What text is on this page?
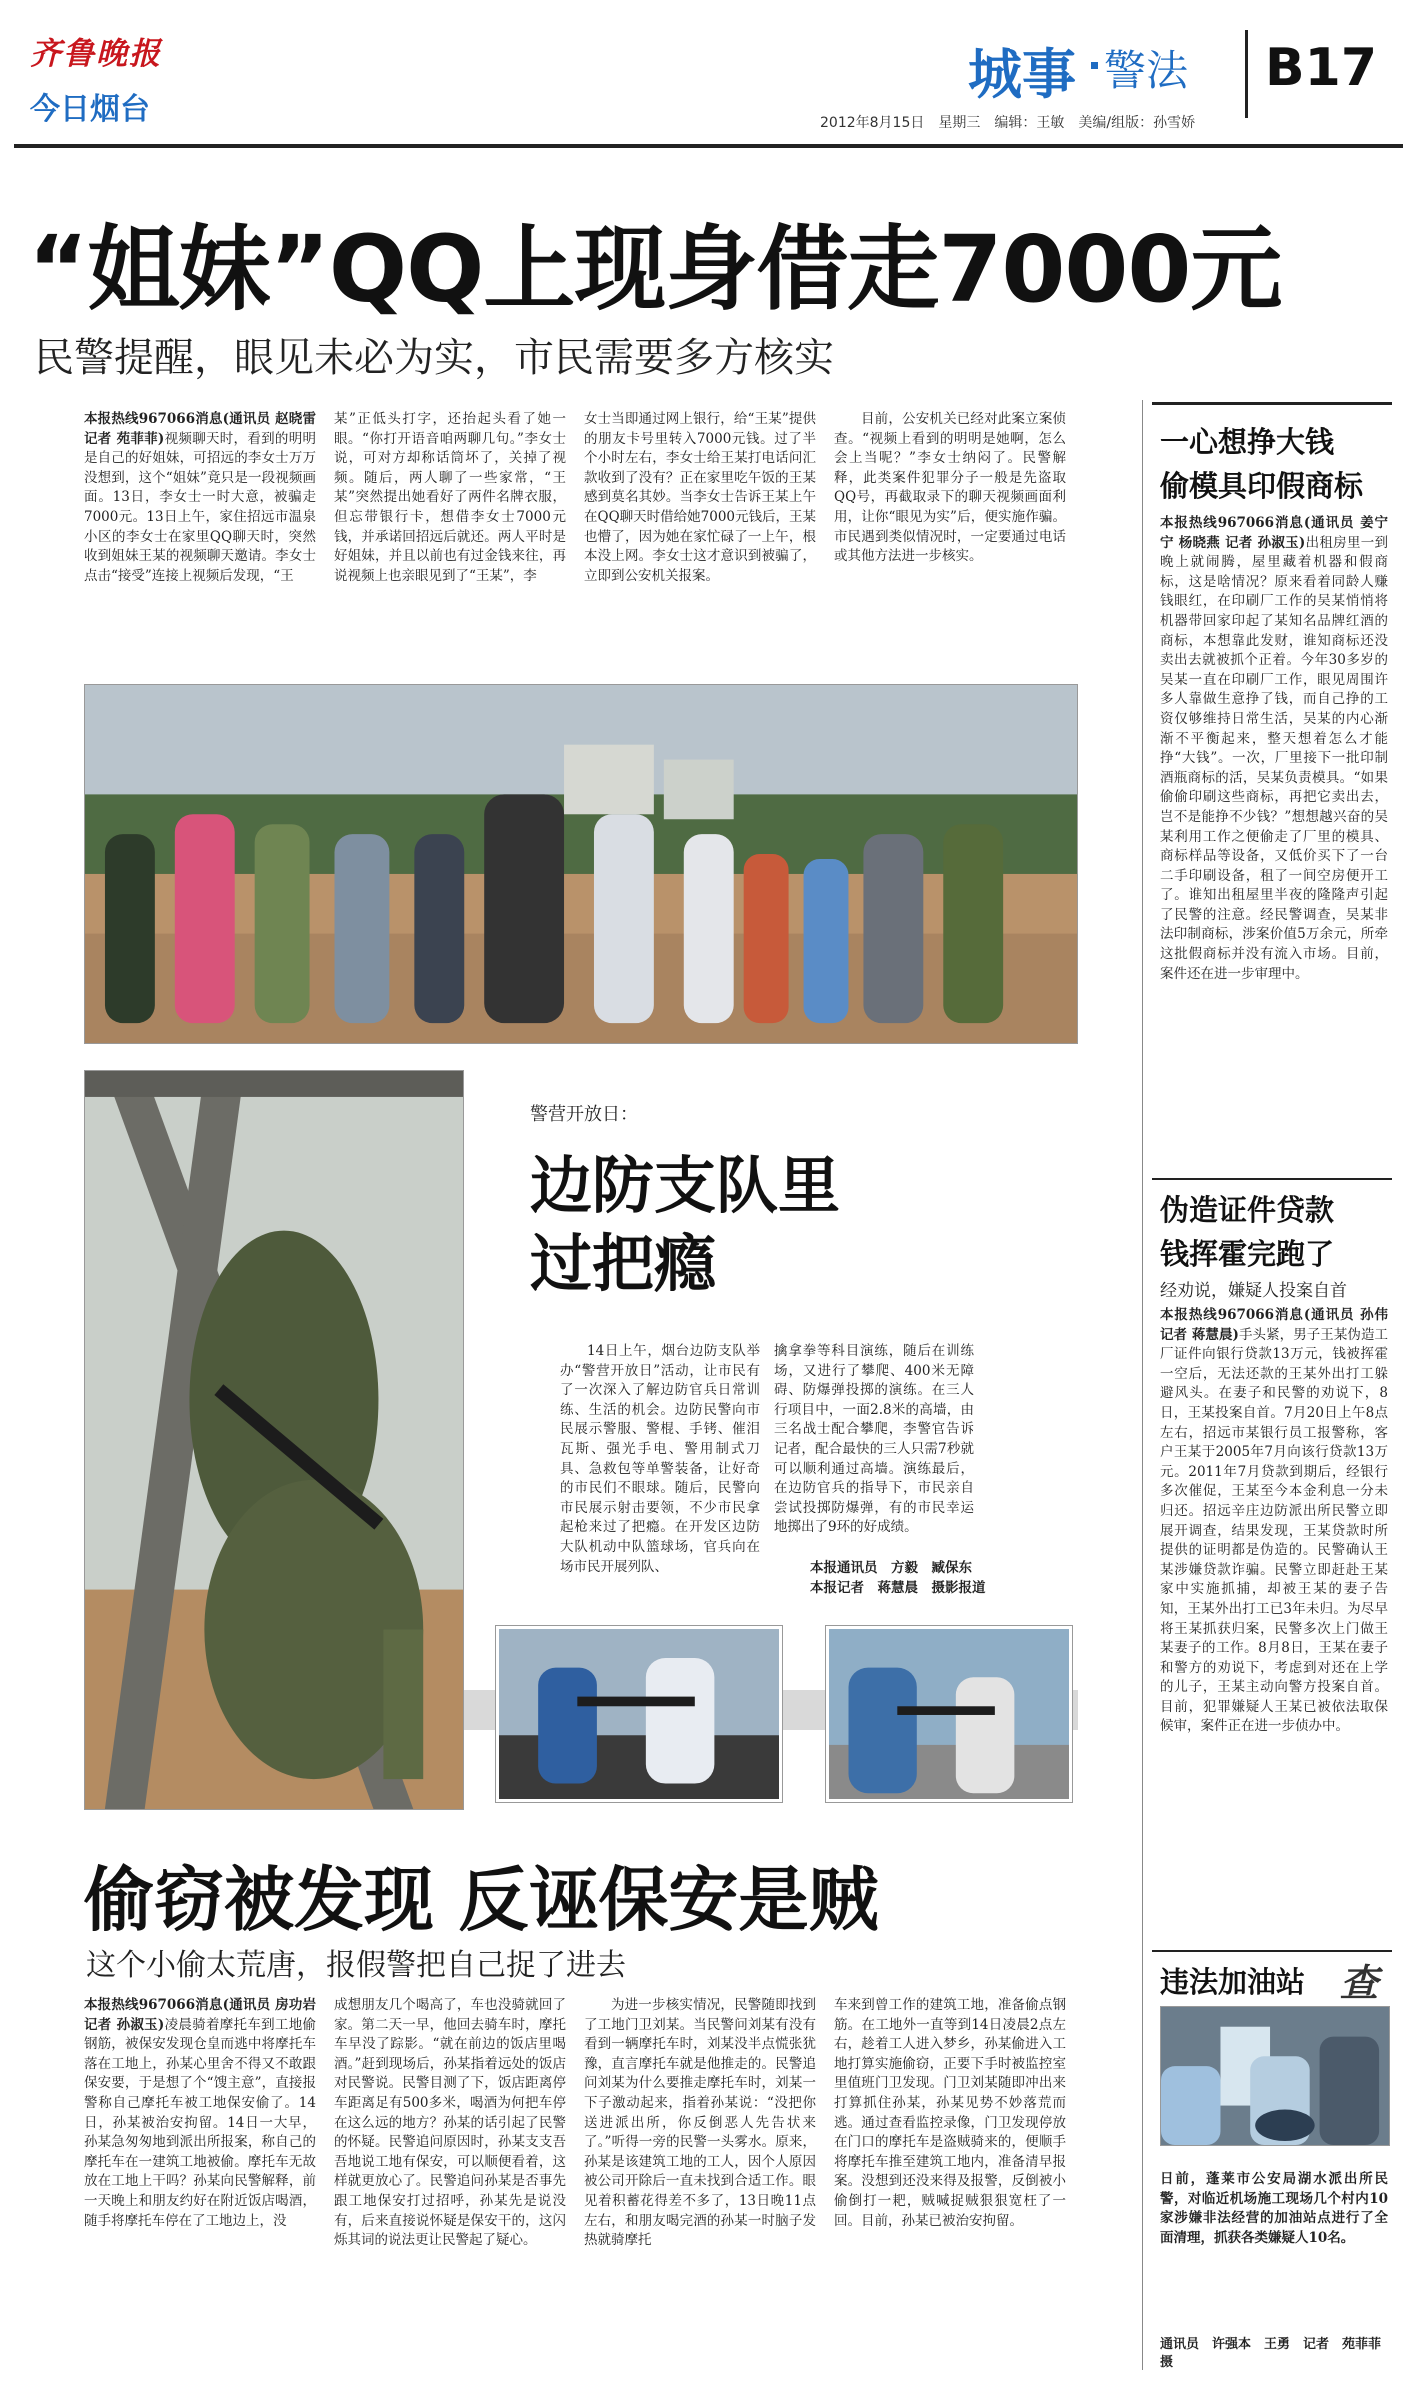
齐鲁晚报
今日烟台
城事 警法 B17
2012年8月15日　星期三　编辑：王敏　美编/组版：孙雪娇
“姐妹”QQ上现身借走7000元
民警提醒，眼见未必为实，市民需要多方核实

本报热线967066消息(通讯员 赵晓雷 记者 苑菲菲)视频聊天时，看到的明明是自己的好姐妹，可招远的李女士万万没想到，这个“姐妹”竟只是一段视频画面。13日，李女士一时大意，被骗走7000元。13日上午，家住招远市温泉小区的李女士在家里QQ聊天时，突然收到姐妹王某的视频聊天邀请。李女士点击“接受”连接上视频后发现，“王

某”正低头打字，还抬起头看了她一眼。“你打开语音咱两聊几句。”李女士说，可对方却称话筒坏了，关掉了视频。随后，两人聊了一些家常，“王某”突然提出她看好了两件名牌衣服，但忘带银行卡，想借李女士7000元钱，并承诺回招远后就还。两人平时是好姐妹，并且以前也有过金钱来往，再说视频上也亲眼见到了“王某”，李

女士当即通过网上银行，给“王某”提供的朋友卡号里转入7000元钱。过了半个小时左右，李女士给王某打电话问汇款收到了没有？正在家里吃午饭的王某感到莫名其妙。当李女士告诉王某上午在QQ聊天时借给她7000元钱后，王某也懵了，因为她在家忙碌了一上午，根本没上网。李女士这才意识到被骗了，立即到公安机关报案。

目前，公安机关已经对此案立案侦查。“视频上看到的明明是她啊，怎么会上当呢？”李女士纳闷了。民警解释，此类案件犯罪分子一般是先盗取QQ号，再截取录下的聊天视频画面利用，让你“眼见为实”后，便实施作骗。市民遇到类似情况时，一定要通过电话或其他方法进一步核实。

警营开放日：
边防支队里
过把瘾

14日上午，烟台边防支队举办“警营开放日”活动，让市民有了一次深入了解边防官兵日常训练、生活的机会。边防民警向市民展示警服、警棍、手铐、催泪瓦斯、强光手电、警用制式刀具、急救包等单警装备，让好奇的市民们不眼球。随后，民警向市民展示射击要领，不少市民拿起枪来过了把瘾。在开发区边防大队机动中队篮球场，官兵向在场市民开展列队、

擒拿拳等科目演练，随后在训练场，又进行了攀爬、400米无障碍、防爆弹投掷的演练。在三人行项目中，一面2.8米的高墙，由三名战士配合攀爬，李警官告诉记者，配合最快的三人只需7秒就可以顺利通过高墙。演练最后，在边防官兵的指导下，市民亲自尝试投掷防爆弹，有的市民幸运地掷出了9环的好成绩。

本报通讯员　方毅　臧保东
本报记者　蒋慧晨　摄影报道
偷窃被发现 反诬保安是贼
这个小偷太荒唐，报假警把自己捉了进去

本报热线967066消息(通讯员 房功岩 记者 孙淑玉)凌晨骑着摩托车到工地偷钢筋，被保安发现仓皇而逃中将摩托车落在工地上，孙某心里舍不得又不敢跟保安要，于是想了个“馊主意”，直接报警称自己摩托车被工地保安偷了。14日，孙某被治安拘留。14日一大早，孙某急匆匆地到派出所报案，称自己的摩托车在一建筑工地被偷。摩托车无故放在工地上干吗？孙某向民警解释，前一天晚上和朋友约好在附近饭店喝酒，随手将摩托车停在了工地边上，没

成想朋友几个喝高了，车也没骑就回了家。第二天一早，他回去骑车时，摩托车早没了踪影。“就在前边的饭店里喝酒。”赶到现场后，孙某指着远处的饭店对民警说。民警目测了下，饭店距离停车距离足有500多米，喝酒为何把车停在这么远的地方？孙某的话引起了民警的怀疑。民警追问原因时，孙某支支吾吾地说工地有保安，可以顺便看着，这样就更放心了。民警追问孙某是否事先跟工地保安打过招呼，孙某先是说没有，后来直接说怀疑是保安干的，这闪烁其词的说法更让民警起了疑心。

为进一步核实情况，民警随即找到了工地门卫刘某。当民警问刘某有没有看到一辆摩托车时，刘某没半点慌张犹豫，直言摩托车就是他推走的。民警追问刘某为什么要推走摩托车时，刘某一下子激动起来，指着孙某说：“没把你送进派出所，你反倒恶人先告状来了。”听得一旁的民警一头雾水。原来，孙某是该建筑工地的工人，因个人原因被公司开除后一直未找到合适工作。眼见着积蓄花得差不多了，13日晚11点左右，和朋友喝完酒的孙某一时脑子发热就骑摩托

车来到曾工作的建筑工地，准备偷点钢筋。在工地外一直等到14日凌晨2点左右，趁着工人进入梦乡，孙某偷进入工地打算实施偷窃，正要下手时被监控室里值班门卫发现。门卫刘某随即冲出来打算抓住孙某，孙某见势不妙落荒而逃。通过查看监控录像，门卫发现停放在门口的摩托车是盗贼骑来的，便顺手将摩托车推至建筑工地内，准备清早报案。没想到还没来得及报警，反倒被小偷倒打一耙，贼喊捉贼狠狠宽枉了一回。目前，孙某已被治安拘留。

一心想挣大钱
偷模具印假商标

本报热线967066消息(通讯员 姜宁宁 杨晓燕 记者 孙淑玉)出租房里一到晚上就闹腾，屋里藏着机器和假商标，这是啥情况？原来看着同龄人赚钱眼红，在印刷厂工作的吴某悄悄将机器带回家印起了某知名品牌红酒的商标，本想靠此发财，谁知商标还没卖出去就被抓个正着。今年30多岁的吴某一直在印刷厂工作，眼见周围许多人靠做生意挣了钱，而自己挣的工资仅够维持日常生活，吴某的内心渐渐不平衡起来，整天想着怎么才能挣“大钱”。一次，厂里接下一批印制酒瓶商标的活，吴某负责模具。“如果偷偷印刷这些商标，再把它卖出去，岂不是能挣不少钱？”想想越兴奋的吴某利用工作之便偷走了厂里的模具、商标样品等设备，又低价买下了一台二手印刷设备，租了一间空房便开工了。谁知出租屋里半夜的隆隆声引起了民警的注意。经民警调查，吴某非法印制商标，涉案价值5万余元，所牵这批假商标并没有流入市场。目前，案件还在进一步审理中。

伪造证件贷款
钱挥霍完跑了
经劝说，嫌疑人投案自首

本报热线967066消息(通讯员 孙伟 记者 蒋慧晨)手头紧，男子王某伪造工厂证件向银行贷款13万元，钱被挥霍一空后，无法还款的王某外出打工躲避风头。在妻子和民警的劝说下，8日，王某投案自首。7月20日上午8点左右，招远市某银行员工报警称，客户王某于2005年7月向该行贷款13万元。2011年7月贷款到期后，经银行多次催促，王某至今本金利息一分未归还。招远辛庄边防派出所民警立即展开调查，结果发现，王某贷款时所提供的证明都是伪造的。民警确认王某涉嫌贷款诈骗。民警立即赶赴王某家中实施抓捕，却被王某的妻子告知，王某外出打工已3年未归。为尽早将王某抓获归案，民警多次上门做王某妻子的工作。8月8日，王某在妻子和警方的劝说下，考虑到对还在上学的儿子，王某主动向警方投案自首。目前，犯罪嫌疑人王某已被依法取保候审，案件正在进一步侦办中。

违法加油站 查
日前，蓬莱市公安局湖水派出所民警，对临近机场施工现场几个村内10家涉嫌非法经营的加油站点进行了全面清理，抓获各类嫌疑人10名。
通讯员　许强本　王勇　记者　苑菲菲　摄
